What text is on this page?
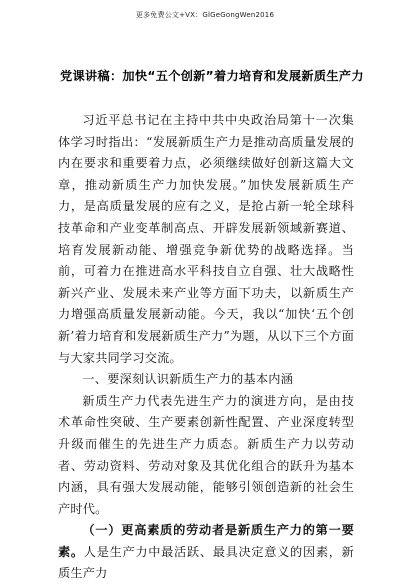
更多免费公文+VX：GlGeGongWen2016
党课讲稿：加快“五个创新”着力培育和发展新质生产力

习近平总书记在主持中共中央政治局第十一次集体学习时指出：“发展新质生产力是推动高质量发展的内在要求和重要着力点，必须继续做好创新这篇大文章，推动新质生产力加快发展。”加快发展新质生产力，是高质量发展的应有之义，是抢占新一轮全球科技革命和产业变革制高点、开辟发展新领域新赛道、培育发展新动能、增强竞争新优势的战略选择。当前，可着力在推进高水平科技自立自强、壮大战略性新兴产业、发展未来产业等方面下功夫，以新质生产力增强高质量发展新动能。今天，我以“加快‘五个创新’着力培育和发展新质生产力”为题，从以下三个方面与大家共同学习交流。

一、要深刻认识新质生产力的基本内涵

新质生产力代表先进生产力的演进方向，是由技术革命性突破、生产要素创新性配置、产业深度转型升级而催生的先进生产力质态。新质生产力以劳动者、劳动资料、劳动对象及其优化组合的跃升为基本内涵，具有强大发展动能，能够引领创造新的社会生产时代。

（一）更高素质的劳动者是新质生产力的第一要素。人是生产力中最活跃、最具决定意义的因素，新质生产力
